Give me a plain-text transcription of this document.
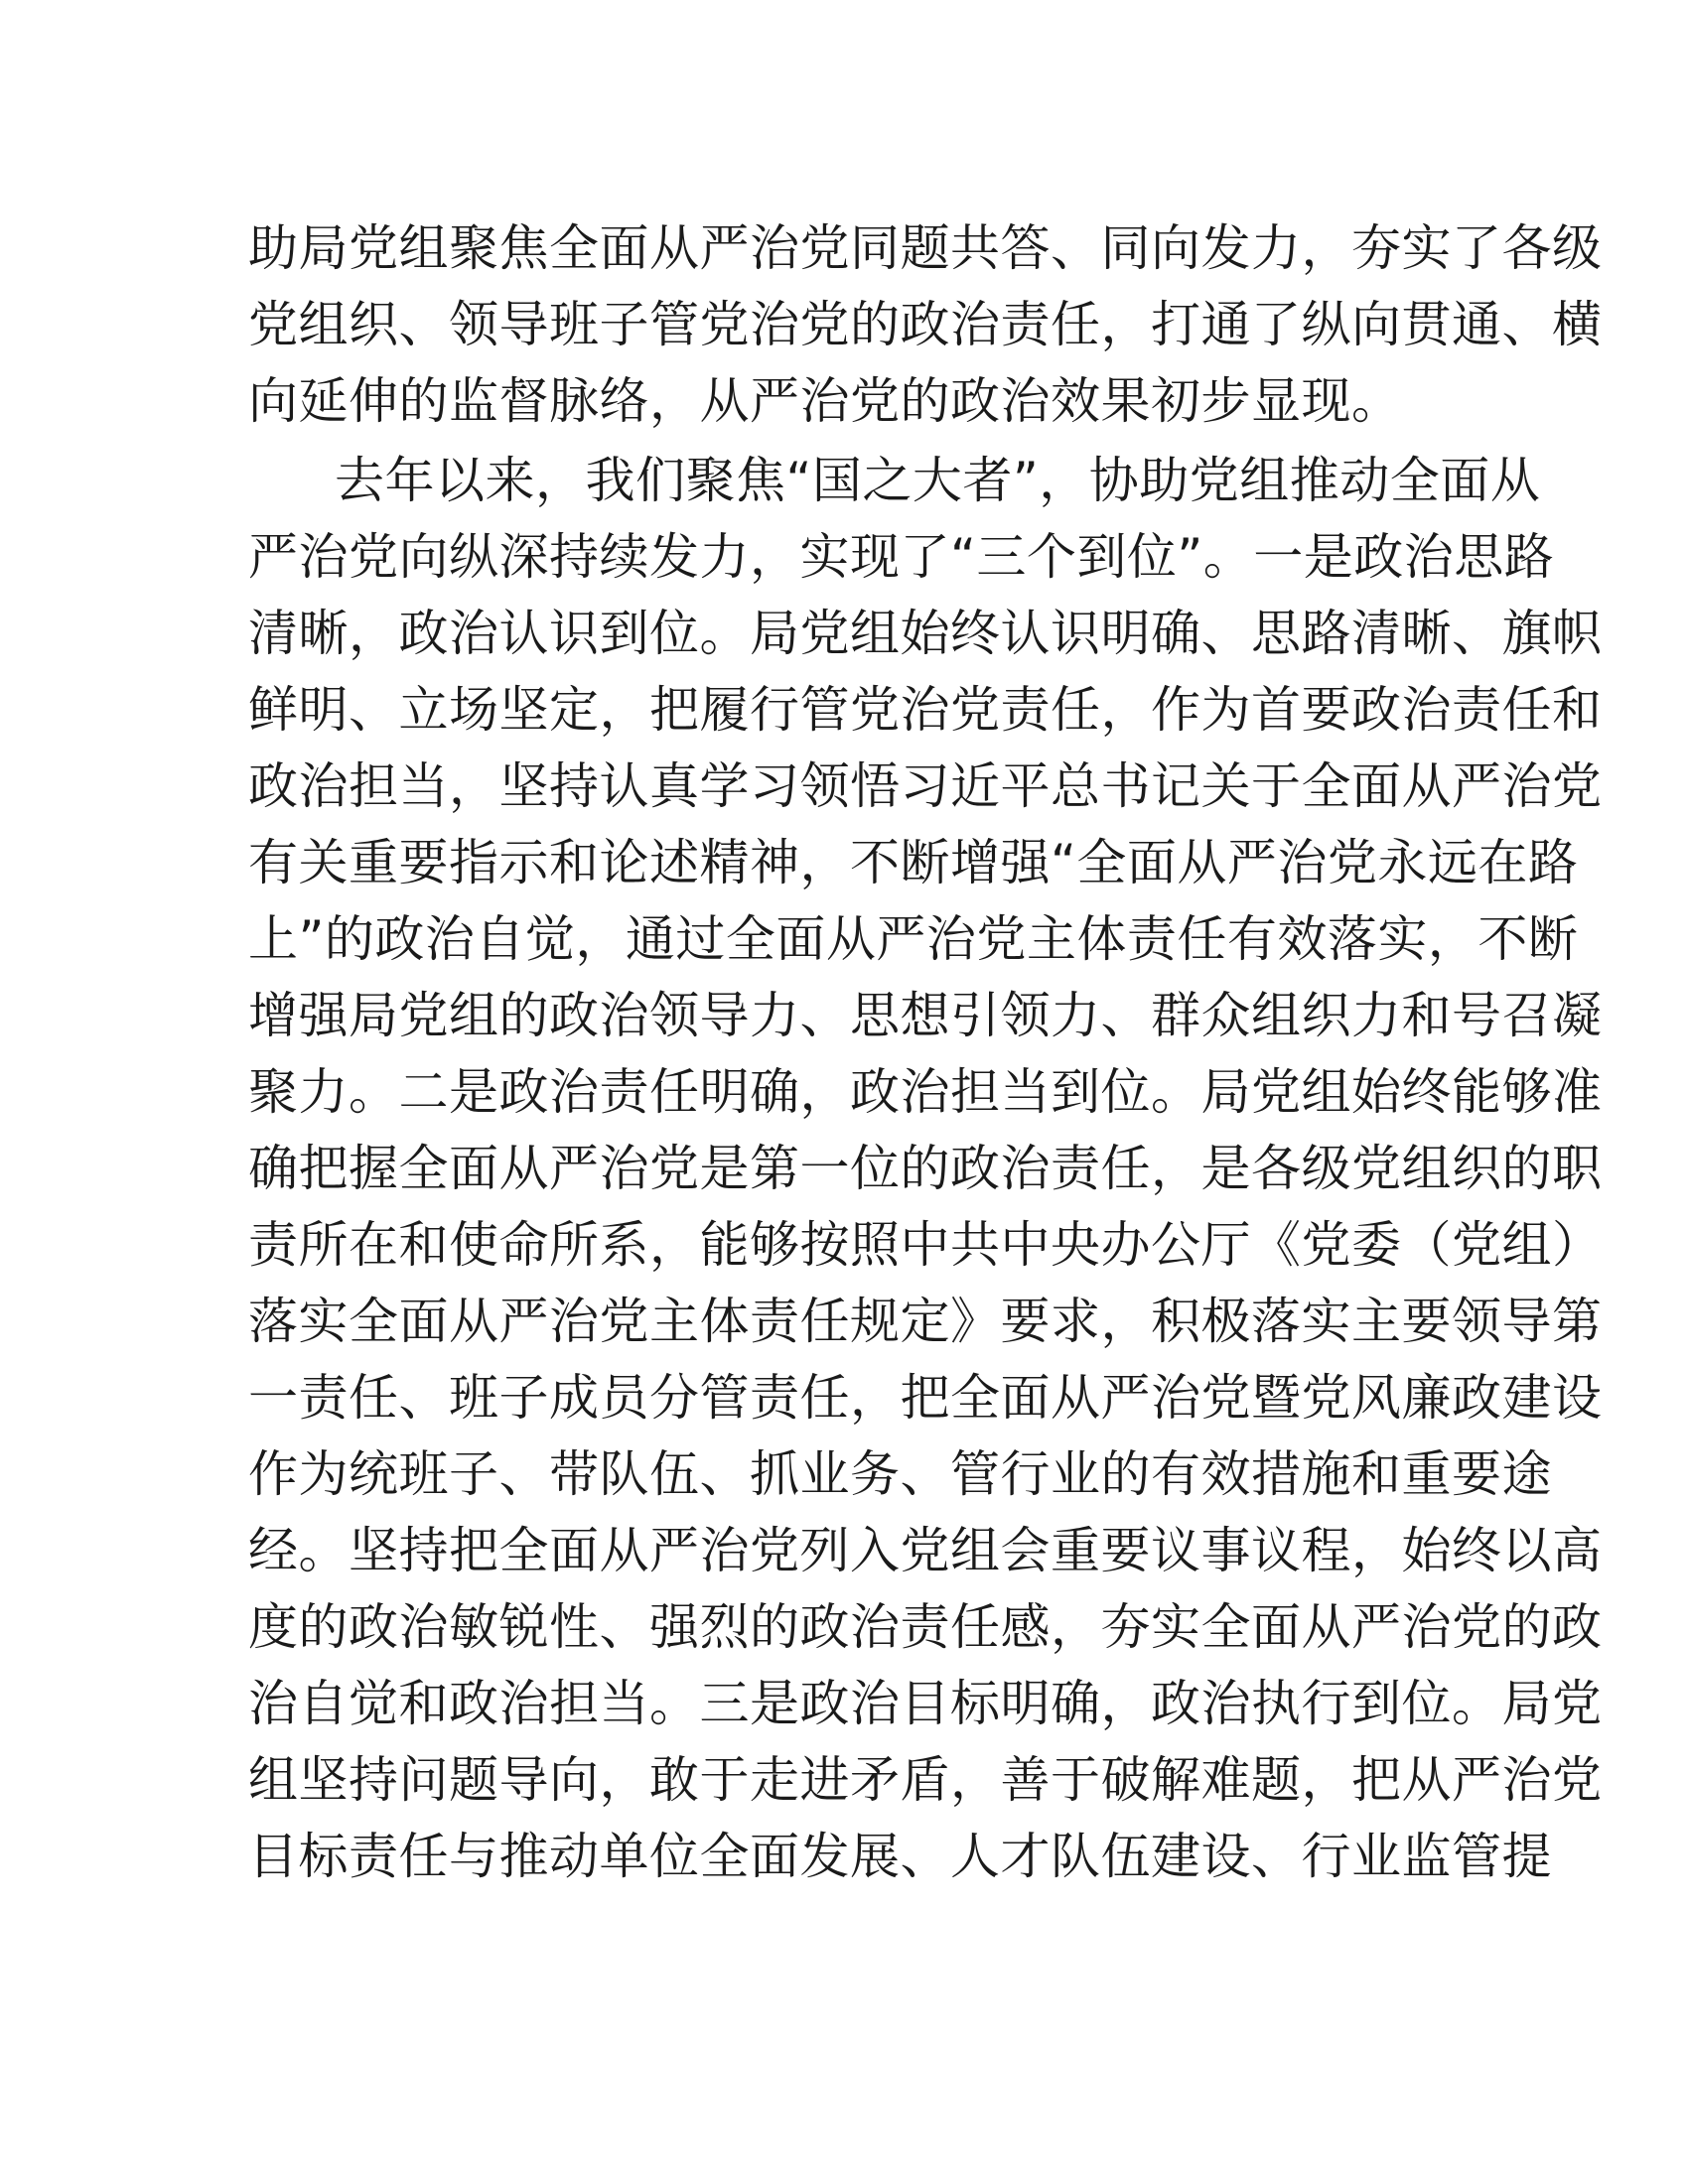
助局党组聚焦全面从严治党同题共答、同向发力，夯实了各级
党组织、领导班子管党治党的政治责任，打通了纵向贯通、横
向延伸的监督脉络，从严治党的政治效果初步显现。
去年以来，我们聚焦“国之大者”，协助党组推动全面从
严治党向纵深持续发力，实现了“三个到位”。一是政治思路
清晰，政治认识到位。局党组始终认识明确、思路清晰、旗帜
鲜明、立场坚定，把履行管党治党责任，作为首要政治责任和
政治担当，坚持认真学习领悟习近平总书记关于全面从严治党
有关重要指示和论述精神，不断增强“全面从严治党永远在路
上”的政治自觉，通过全面从严治党主体责任有效落实，不断
增强局党组的政治领导力、思想引领力、群众组织力和号召凝
聚力。二是政治责任明确，政治担当到位。局党组始终能够准
确把握全面从严治党是第一位的政治责任，是各级党组织的职
责所在和使命所系，能够按照中共中央办公厅《党委（党组）
落实全面从严治党主体责任规定》要求，积极落实主要领导第
一责任、班子成员分管责任，把全面从严治党暨党风廉政建设
作为统班子、带队伍、抓业务、管行业的有效措施和重要途
经。坚持把全面从严治党列入党组会重要议事议程，始终以高
度的政治敏锐性、强烈的政治责任感，夯实全面从严治党的政
治自觉和政治担当。三是政治目标明确，政治执行到位。局党
组坚持问题导向，敢于走进矛盾，善于破解难题，把从严治党
目标责任与推动单位全面发展、人才队伍建设、行业监管提
